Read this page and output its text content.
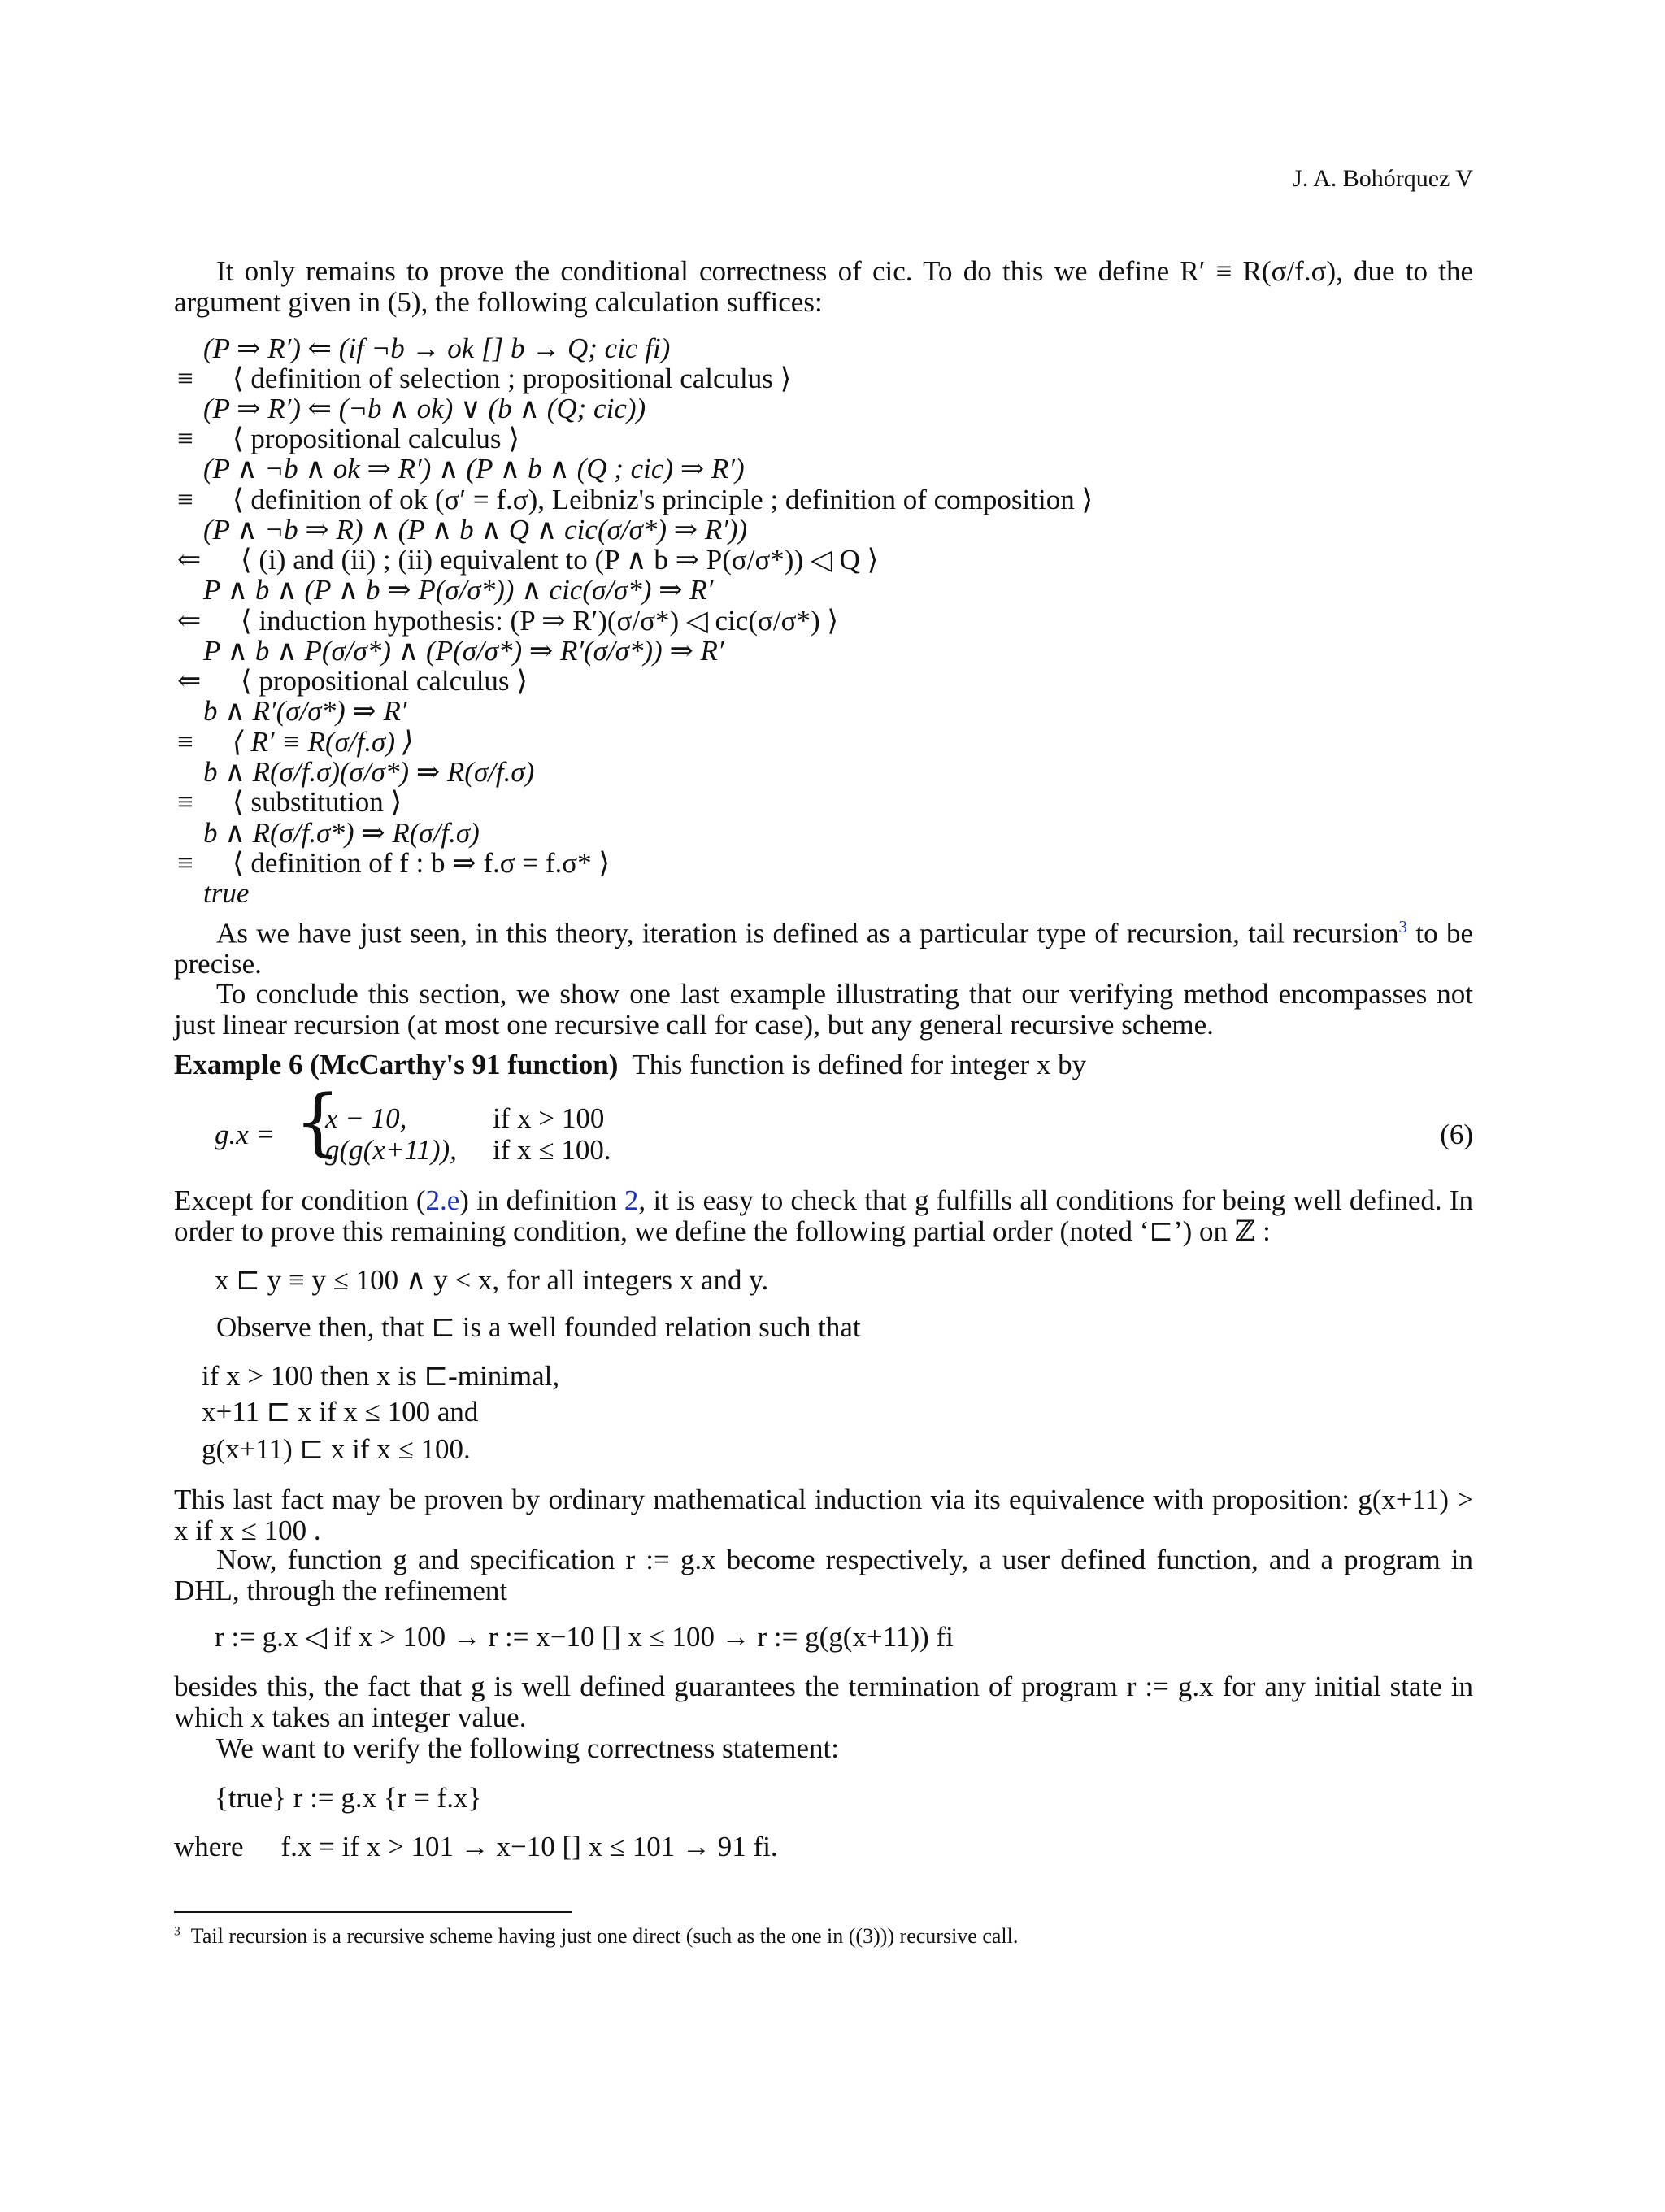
J. A. Bohórquez V
It only remains to prove the conditional correctness of cic. To do this we define R′ ≡ R(σ/f.σ), due to the argument given in (5), the following calculation suffices:
(P ⇒ R′) ⇐ (if ¬b → ok [] b → Q; cic fi)
≡ ⟨ definition of selection ; propositional calculus ⟩
(P ⇒ R′) ⇐ (¬b ∧ ok) ∨ (b ∧ (Q; cic))
≡ ⟨ propositional calculus ⟩
(P ∧ ¬b ∧ ok ⇒ R′) ∧ (P ∧ b ∧ (Q ; cic) ⇒ R′)
≡ ⟨ definition of ok (σ′ = f.σ), Leibniz's principle ; definition of composition ⟩
(P ∧ ¬b ⇒ R) ∧ (P ∧ b ∧ Q ∧ cic(σ/σ*) ⇒ R′))
⇐ ⟨ (i) and (ii) ; (ii) equivalent to (P ∧ b ⇒ P(σ/σ*)) ◁ Q ⟩
P ∧ b ∧ (P ∧ b ⇒ P(σ/σ*)) ∧ cic(σ/σ*) ⇒ R′
⇐ ⟨ induction hypothesis: (P ⇒ R′)(σ/σ*) ◁ cic(σ/σ*) ⟩
P ∧ b ∧ P(σ/σ*) ∧ (P(σ/σ*) ⇒ R′(σ/σ*)) ⇒ R′
⇐ ⟨ propositional calculus ⟩
b ∧ R′(σ/σ*) ⇒ R′
≡ ⟨ R′ ≡ R(σ/f.σ) ⟩
b ∧ R(σ/f.σ)(σ/σ*) ⇒ R(σ/f.σ)
≡ ⟨ substitution ⟩
b ∧ R(σ/f.σ*) ⇒ R(σ/f.σ)
≡ ⟨ definition of f : b ⇒ f.σ = f.σ* ⟩
true
As we have just seen, in this theory, iteration is defined as a particular type of recursion, tail recursion$^3$ to be precise.
To conclude this section, we show one last example illustrating that our verifying method encompasses not just linear recursion (at most one recursive call for case), but any general recursive scheme.
Example 6 (McCarthy's 91 function) This function is defined for integer x by
g.x = {
x − 10,	if x > 100
g(g(x+11)), if x ≤ 100.	(6)
Except for condition (2.e) in definition 2, it is easy to check that g fulfills all conditions for being well defined. In order to prove this remaining condition, we define the following partial order (noted ‘⊏’) on ℤ :
x ⊏ y ≡ y ≤ 100 ∧ y < x, for all integers x and y.
Observe then, that ⊏ is a well founded relation such that
if x > 100 then x is ⊏-minimal,
x+11 ⊏ x if x ≤ 100 and
g(x+11) ⊏ x if x ≤ 100.
This last fact may be proven by ordinary mathematical induction via its equivalence with proposition: g(x+11) > x if x ≤ 100 .
Now, function g and specification r := g.x become respectively, a user defined function, and a program in DHL, through the refinement
r := g.x ◁ if x > 100 → r := x−10 [] x ≤ 100 → r := g(g(x+11)) fi
besides this, the fact that g is well defined guarantees the termination of program r := g.x for any initial state in which x takes an integer value.
We want to verify the following correctness statement:
{true} r := g.x {r = f.x}
where f.x = if x > 101 → x−10 [] x ≤ 101 → 91 fi.
$^3$ Tail recursion is a recursive scheme having just one direct (such as the one in ((3))) recursive call.
